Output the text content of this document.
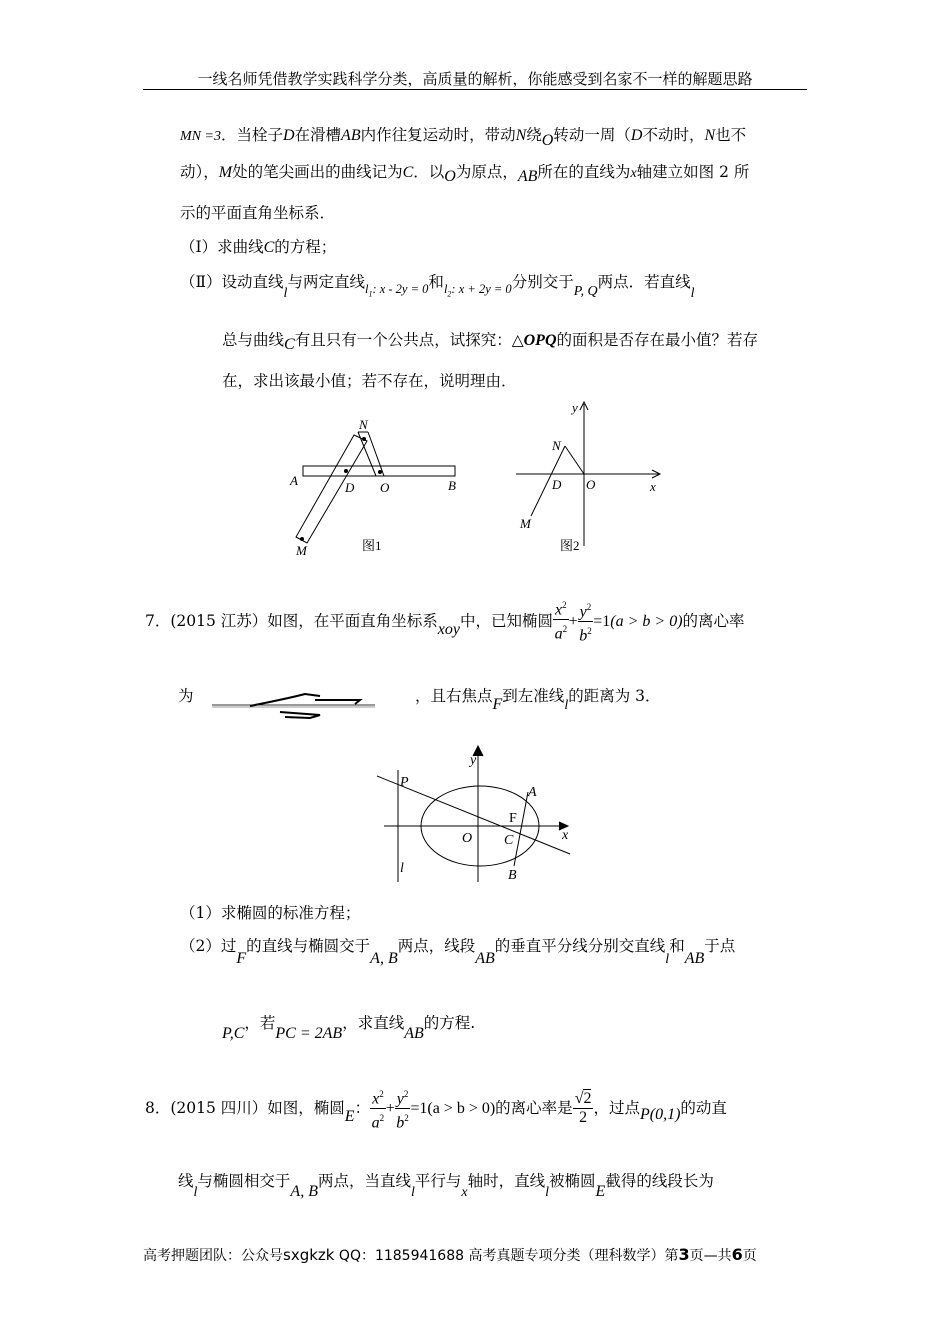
一线名师凭借教学实践科学分类，高质量的解析，你能感受到名家不一样的解题思路
MN =3．当栓子D在滑槽AB内作往复运动时，带动N绕O转动一周（D不动时，N也不
动），M处的笔尖画出的曲线记为C．以O为原点，AB所在的直线为x轴建立如图 2 所
示的平面直角坐标系．
（Ⅰ）求曲线C的方程；
（Ⅱ）设动直线l与两定直线$_{l_1: x - 2y = 0}$和$_{l_2: x + 2y = 0}$分别交于P, Q两点．若直线l
总与曲线C有且只有一个公共点，试探究：△OPQ的面积是否存在最小值？若存
在，求出该最小值；若不存在，说明理由．
A	B
D O
N
M	图1
y
x
N
D O
M
图2
7．(2015 江苏）如图，在平面直角坐标系xoy中，已知椭圆 $\frac{x^2}{a^2} + \frac{y^2}{b^2} =1(a > b > 0)$的离心率
为	，且右焦点F到左准线l的距离为 3．
y
x
P
A
F
O C
l	B
（1）求椭圆的标准方程；
（2）过F的直线与椭圆交于A, B两点，线段AB的垂直平分线分别交直线l和AB于点
P,C，若PC = 2AB，求直线AB的方程.
8．(2015 四川）如图，椭圆E： $\frac{x^2}{a^2} + \frac{y^2}{b^2} =1(a > b > 0)$的离心率是 $\frac{√2}{2}$ ，过点P(0,1)的动直
线l与椭圆相交于A, B两点，当直线l平行与x轴时，直线l被椭圆E截得的线段长为
高考押题团队：公众号sxgkzk QQ：1185941688 高考真题专项分类（理科数学）第3页—共6页
